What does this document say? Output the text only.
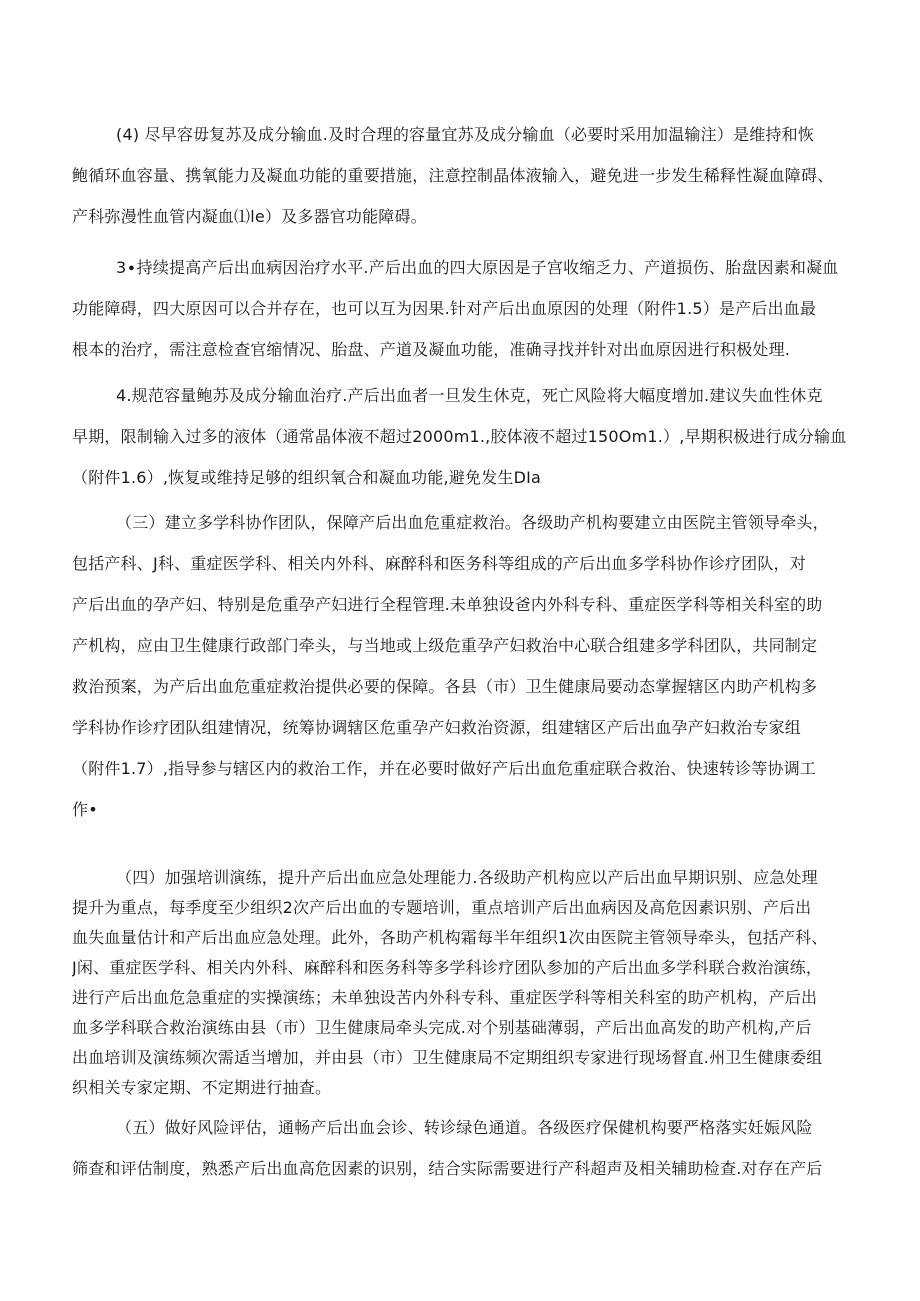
(4) 尽早容毋复苏及成分输血.及时合理的容量宜苏及成分输血（必要时采用加温输注）是维持和恢
鲍循环血容量、携氧能力及凝血功能的重要措施，注意控制晶体液输入，避免进一步发生稀释性凝血障碍、
产科弥漫性血管内凝血⑴le）及多器官功能障碍。
3∙持续提高产后出血病因治疗水平.产后出血的四大原因是子宫收缩乏力、产道损伤、胎盘因素和凝血
功能障碍，四大原因可以合并存在，也可以互为因果.针对产后出血原因的处理（附件1.5）是产后出血最
根本的治疗，需注意检查官缩情况、胎盘、产道及凝血功能，准确寻找并针对出血原因进行积极处理.
4.规范容量鲍苏及成分输血治疗.产后出血者一旦发生休克，死亡风险将大幅度增加.建议失血性休克
早期，限制输入过多的液体（通常晶体液不超过2000m1.,胶体液不超过150Om1.）,早期积极进行成分输血
（附件1.6）,恢复或维持足够的组织氧合和凝血功能,避免发生DIa
（三）建立多学科协作团队，保障产后出血危重症救治。各级助产机构要建立由医院主管领导牵头，
包括产科、J科、重症医学科、相关内外科、麻醉科和医务科等组成的产后出血多学科协作诊疗团队，对
产后出血的孕产妇、特别是危重孕产妇进行全程管理.未单独设爸内外科专科、重症医学科等相关科室的助
产机构，应由卫生健康行政部门牵头，与当地或上级危重孕产妇救治中心联合组建多学科团队，共同制定
救治预案，为产后出血危重症救治提供必要的保障。各县（市）卫生健康局要动态掌握辖区内助产机构多
学科协作诊疗团队组建情况，统筹协调辖区危重孕产妇救治资源，组建辖区产后出血孕产妇救治专家组
（附件1.7）,指导参与辖区内的救治工作，并在必要时做好产后出血危重症联合救治、快速转诊等协调工
作•
（四）加强培训演练，提升产后出血应急处理能力.各级助产机构应以产后出血早期识别、应急处理
提升为重点，每季度至少组织2次产后出血的专题培训，重点培训产后出血病因及高危因素识别、产后出
血失血量估计和产后出血应急处理。此外，各助产机构霜每半年组织1次由医院主管领导牵头，包括产科、
J闲、重症医学科、相关内外科、麻醉科和医务科等多学科诊疗团队参加的产后出血多学科联合救治演练，
进行产后出血危急重症的实操演练；未单独设苦内外科专科、重症医学科等相关科室的助产机构，产后出
血多学科联合救治演练由县（市）卫生健康局牵头完成.对个别基础薄弱，产后出血高发的助产机构,产后
出血培训及演练频次需适当增加，并由县（市）卫生健康局不定期组织专家进行现场督直.州卫生健康委组
织相关专家定期、不定期进行抽查。
（五）做好风险评估，通畅产后出血会诊、转诊绿色通道。各级医疗保健机构要严格落实妊娠风险
筛查和评估制度，熟悉产后出血高危因素的识别，结合实际需要进行产科超声及相关辅助检查.对存在产后
